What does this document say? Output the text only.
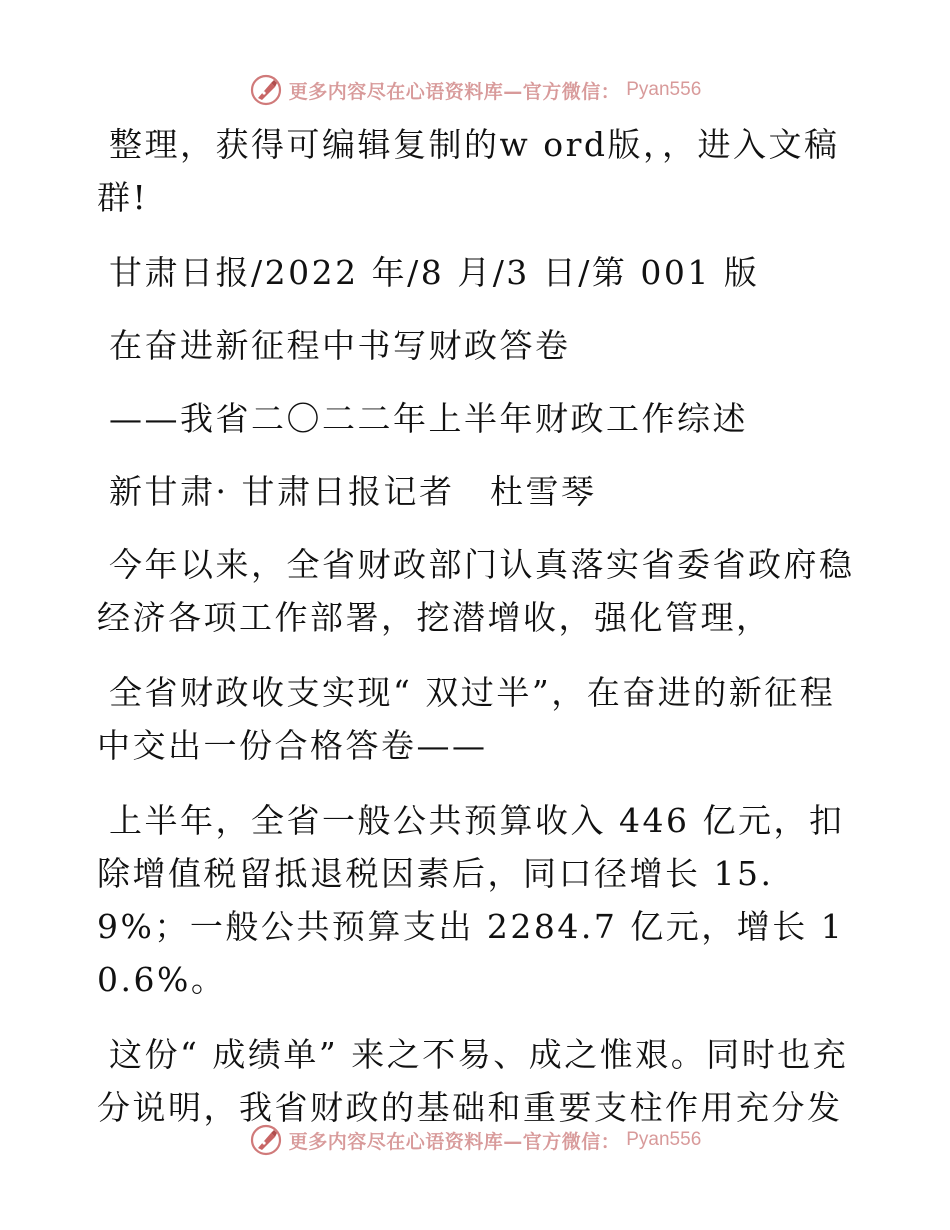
更多内容尽在心语资料库—官方微信： Pyan556

整理，获得可编辑复制的w ord版，，进入文稿群!

甘肃日报/2022 年/8 月/3 日/第 001 版

在奋进新征程中书写财政答卷

——我省二〇二二年上半年财政工作综述

新甘肃· 甘肃日报记者　杜雪琴

今年以来，全省财政部门认真落实省委省政府稳经济各项工作部署，挖潜增收，强化管理，

全省财政收支实现“ 双过半”，在奋进的新征程中交出一份合格答卷——

上半年，全省一般公共预算收入 446 亿元，扣除增值税留抵退税因素后，同口径增长 15.9%；一般公共预算支出 2284.7 亿元，增长 10.6%。

这份“ 成绩单” 来之不易、成之惟艰。同时也充分说明，我省财政的基础和重要支柱作用充分发

更多内容尽在心语资料库—官方微信： Pyan556
